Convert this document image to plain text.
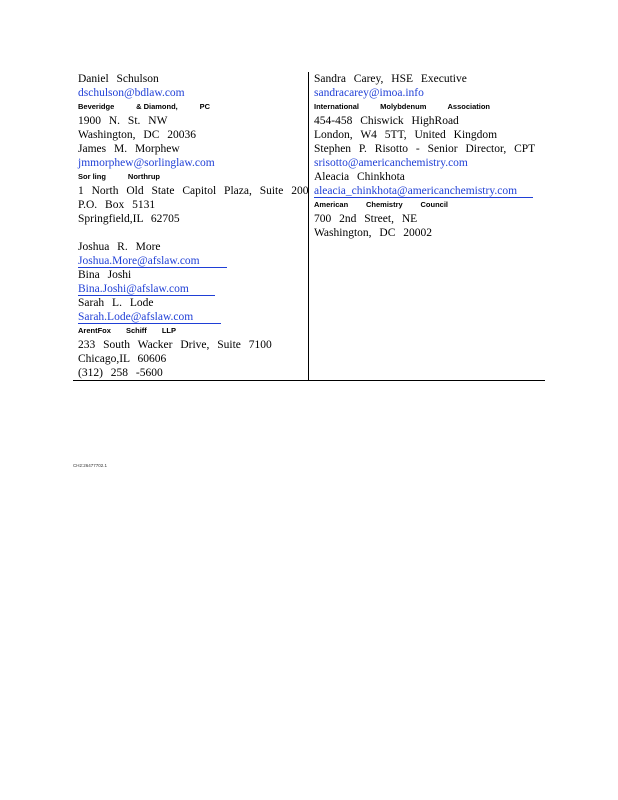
Daniel Schulson
dschulson@bdlaw.com
Beveridge	& Diamond,	PC
1900 N. St. NW
Washington, DC 20036
James M. Morphew
jmmorphew@sorlinglaw.com
Sor ling	Northrup
1 North Old State Capitol Plaza, Suite 200
P.O. Box 5131
Springfield,IL 62705
Joshua R. More
Joshua.More@afslaw.com
Bina Joshi
Bina.Joshi@afslaw.com
Sarah L. Lode
Sarah.Lode@afslaw.com
ArentFox Schiff LLP
233 South Wacker Drive, Suite 7100
Chicago,IL 60606
(312) 258 -5600
Sandra Carey, HSE Executive
sandracarey@imoa.info
International	Molybdenum	Association
454-458 Chiswick HighRoad
London, W4 5TT, United Kingdom
Stephen P. Risotto - Senior Director, CPT
srisotto@americanchemistry.com
Aleacia Chinkhota
aleacia_chinkhota@americanchemistry.com
American Chemistry Council
700 2nd Street, NE
Washington, DC 20002
CH2:26477702.1
